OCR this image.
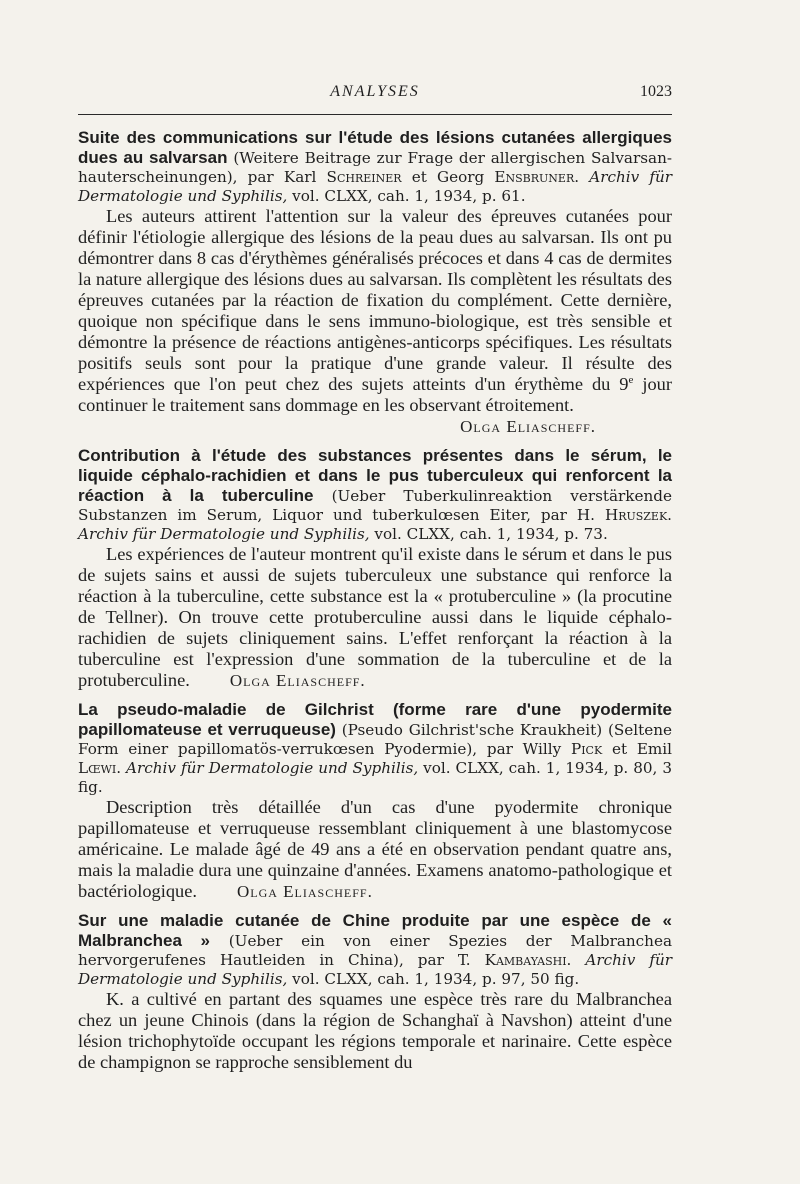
ANALYSES	1023

Suite des communications sur l'étude des lésions cutanées allergiques dues au salvarsan (Weitere Beitrage zur Frage der allergischen Salvarsan-hauterscheinungen), par Karl Schreiner et Georg Ensbruner. Archiv für Dermatologie und Syphilis, vol. CLXX, cah. 1, 1934, p. 61.

Les auteurs attirent l'attention sur la valeur des épreuves cutanées pour définir l'étiologie allergique des lésions de la peau dues au salvarsan. Ils ont pu démontrer dans 8 cas d'érythèmes généralisés précoces et dans 4 cas de dermites la nature allergique des lésions dues au salvarsan. Ils complètent les résultats des épreuves cutanées par la réaction de fixation du complément. Cette dernière, quoique non spécifique dans le sens immuno-biologique, est très sensible et démontre la présence de réactions antigènes-anticorps spécifiques. Les résultats positifs seuls sont pour la pratique d'une grande valeur. Il résulte des expériences que l'on peut chez des sujets atteints d'un érythème du 9e jour continuer le traitement sans dommage en les observant étroitement.

Olga Eliascheff.

Contribution à l'étude des substances présentes dans le sérum, le liquide céphalo-rachidien et dans le pus tuberculeux qui renforcent la réaction à la tuberculine (Ueber Tuberkulinreaktion verstärkende Substanzen im Serum, Liquor und tuberkulœsen Eiter, par H. Hruszek. Archiv für Dermatologie und Syphilis, vol. CLXX, cah. 1, 1934, p. 73.

Les expériences de l'auteur montrent qu'il existe dans le sérum et dans le pus de sujets sains et aussi de sujets tuberculeux une substance qui renforce la réaction à la tuberculine, cette substance est la « protuberculine » (la procutine de Tellner). On trouve cette protuberculine aussi dans le liquide céphalo-rachidien de sujets cliniquement sains. L'effet renforçant la réaction à la tuberculine est l'expression d'une sommation de la tuberculine et de la protuberculine. Olga Eliascheff.

La pseudo-maladie de Gilchrist (forme rare d'une pyodermite papillomateuse et verruqueuse) (Pseudo Gilchrist'sche Kraukheit) (Seltene Form einer papillomatös-verrukœsen Pyodermie), par Willy Pick et Emil Lœwi. Archiv für Dermatologie und Syphilis, vol. CLXX, cah. 1, 1934, p. 80, 3 fig.

Description très détaillée d'un cas d'une pyodermite chronique papillomateuse et verruqueuse ressemblant cliniquement à une blastomycose américaine. Le malade âgé de 49 ans a été en observation pendant quatre ans, mais la maladie dura une quinzaine d'années. Examens anatomo-pathologique et bactériologique. Olga Eliascheff.

Sur une maladie cutanée de Chine produite par une espèce de « Malbranchea » (Ueber ein von einer Spezies der Malbranchea hervorgerufenes Hautleiden in China), par T. Kambayashi. Archiv für Dermatologie und Syphilis, vol. CLXX, cah. 1, 1934, p. 97, 50 fig.

K. a cultivé en partant des squames une espèce très rare du Malbranchea chez un jeune Chinois (dans la région de Schanghaï à Navshon) atteint d'une lésion trichophytoïde occupant les régions temporale et narinaire. Cette espèce de champignon se rapproche sensiblement du
